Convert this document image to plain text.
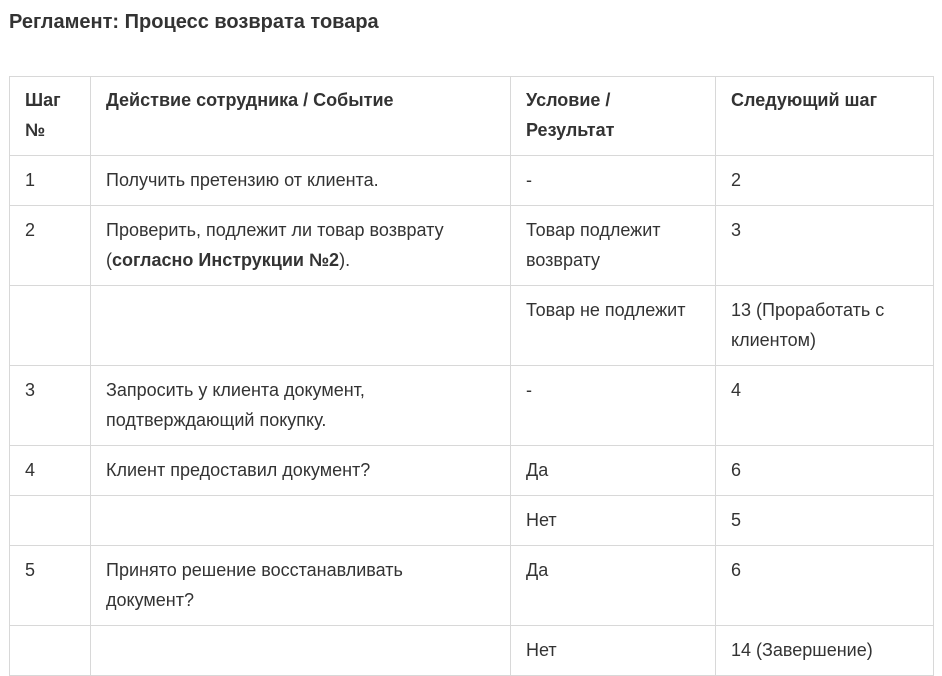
Регламент: Процесс возврата товара
Шаг №	Действие сотрудника / Событие	Условие / Результат	Следующий шаг
1	Получить претензию от клиента.	-	2
2	Проверить, подлежит ли товар возврату (согласно Инструкции №2).	Товар подлежит возврату	3
		Товар не подлежит	13 (Проработать с клиентом)
3	Запросить у клиента документ, подтверждающий покупку.	-	4
4	Клиент предоставил документ?	Да	6
		Нет	5
5	Принято решение восстанавливать документ?	Да	6
		Нет	14 (Завершение)
